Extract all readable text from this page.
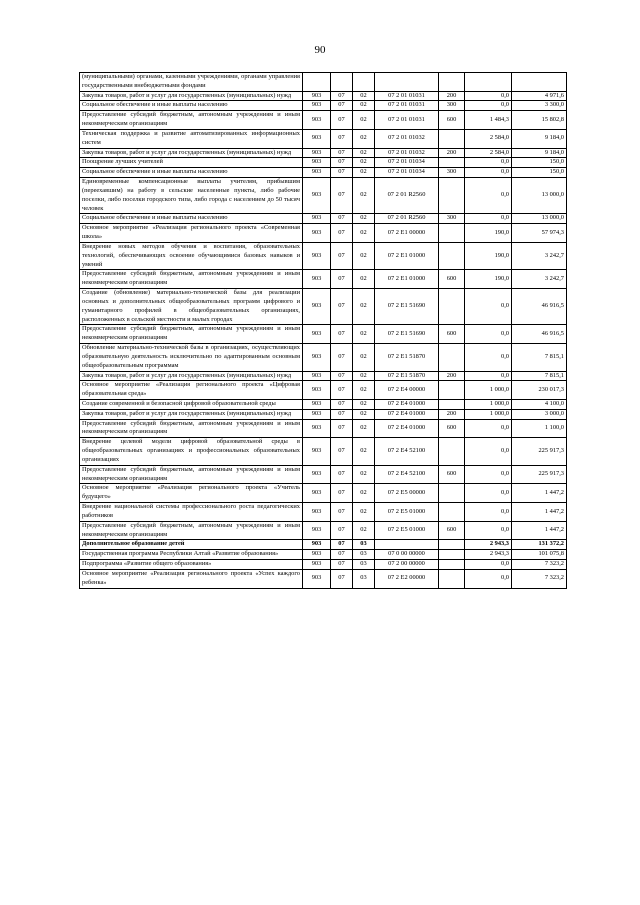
90
(муниципальными) органами, казенными учреждениями, органами управления государственными внебюджетными фондами							
Закупка товаров, работ и услуг для государственных (муниципальных) нужд	903	07	02	07 2 01 01031	200	0,0	4 971,6
Социальное обеспечение и иные выплаты населению	903	07	02	07 2 01 01031	300	0,0	3 300,0
Предоставление субсидий бюджетным, автономным учреждениям и иным некоммерческим организациям	903	07	02	07 2 01 01031	600	1 484,3	15 802,8
Техническая поддержка и развитие автоматизированных информационных систем	903	07	02	07 2 01 01032		2 584,0	9 184,0
Закупка товаров, работ и услуг для государственных (муниципальных) нужд	903	07	02	07 2 01 01032	200	2 584,0	9 184,0
Поощрение лучших учителей	903	07	02	07 2 01 01034		0,0	150,0
Социальное обеспечение и иные выплаты населению	903	07	02	07 2 01 01034	300	0,0	150,0
Единовременные компенсационные выплаты учителям, прибывшим (переехавшим) на работу в сельские населенные пункты, либо рабочие поселки, либо поселки городского типа, либо города с населением до 50 тысяч человек	903	07	02	07 2 01 R2560		0,0	13 000,0
Социальное обеспечение и иные выплаты населению	903	07	02	07 2 01 R2560	300	0,0	13 000,0
Основное мероприятие «Реализация регионального проекта «Современная школа»	903	07	02	07 2 E1 00000		190,0	57 974,3
Внедрение новых методов обучения и воспитания, образовательных технологий, обеспечивающих освоение обучающимися базовых навыков и умений	903	07	02	07 2 E1 01000		190,0	3 242,7
Предоставление субсидий бюджетным, автономным учреждениям и иным некоммерческим организациям	903	07	02	07 2 E1 01000	600	190,0	3 242,7
Создание (обновление) материально-технической базы для реализации основных и дополнительных общеобразовательных программ цифрового и гуманитарного профилей в общеобразовательных организациях, расположенных в сельской местности и малых городах	903	07	02	07 2 E1 51690		0,0	46 916,5
Предоставление субсидий бюджетным, автономным учреждениям и иным некоммерческим организациям	903	07	02	07 2 E1 51690	600	0,0	46 916,5
Обновление материально-технической базы в организациях, осуществляющих образовательную деятельность исключительно по адаптированным основным общеобразовательным программам	903	07	02	07 2 E1 51870		0,0	7 815,1
Закупка товаров, работ и услуг для государственных (муниципальных) нужд	903	07	02	07 2 E1 51870	200	0,0	7 815,1
Основное мероприятие «Реализация регионального проекта «Цифровая образовательная среда»	903	07	02	07 2 E4 00000		1 000,0	230 017,3
Создание современной и безопасной цифровой образовательной среды	903	07	02	07 2 E4 01000		1 000,0	4 100,0
Закупка товаров, работ и услуг для государственных (муниципальных) нужд	903	07	02	07 2 E4 01000	200	1 000,0	3 000,0
Предоставление субсидий бюджетным, автономным учреждениям и иным некоммерческим организациям	903	07	02	07 2 E4 01000	600	0,0	1 100,0
Внедрение целевой модели цифровой образовательной среды в общеобразовательных организациях и профессиональных образовательных организациях	903	07	02	07 2 E4 52100		0,0	225 917,3
Предоставление субсидий бюджетным, автономным учреждениям и иным некоммерческим организациям	903	07	02	07 2 E4 52100	600	0,0	225 917,3
Основное мероприятие «Реализация регионального проекта «Учитель будущего»	903	07	02	07 2 E5 00000		0,0	1 447,2
Внедрение национальной системы профессионального роста педагогических работников	903	07	02	07 2 E5 01000		0,0	1 447,2
Предоставление субсидий бюджетным, автономным учреждениям и иным некоммерческим организациям	903	07	02	07 2 E5 01000	600	0,0	1 447,2
Дополнительное образование детей	903	07	03			2 943,3	131 372,2
Государственная программа Республики Алтай «Развитие образования»	903	07	03	07 0 00 00000		2 943,3	101 075,8
Подпрограмма «Развитие общего образования»	903	07	03	07 2 00 00000		0,0	7 323,2
Основное мероприятие «Реализация регионального проекта «Успех каждого ребенка»	903	07	03	07 2 E2 00000		0,0	7 323,2
